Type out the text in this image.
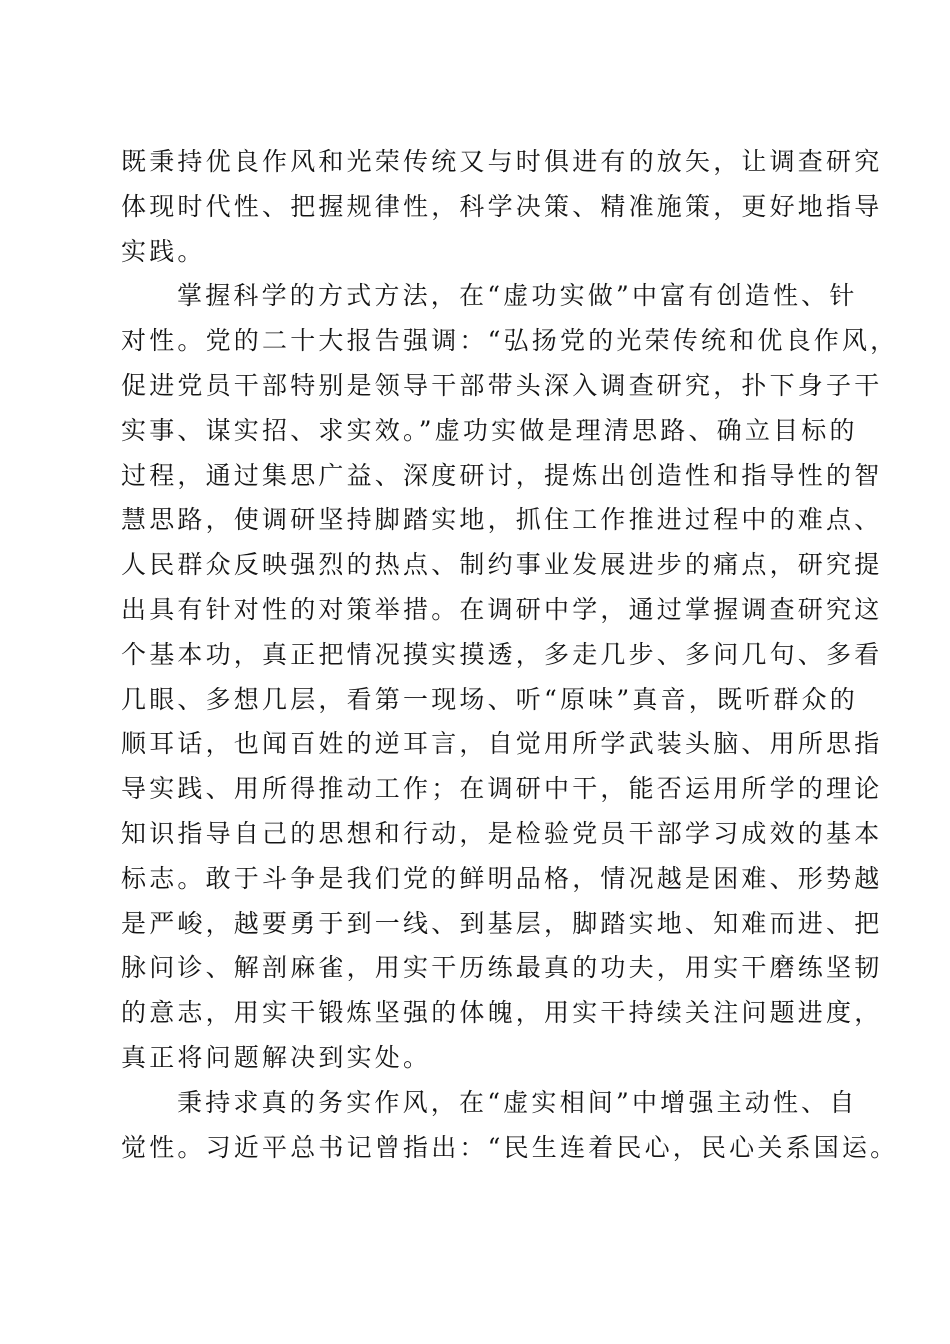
既秉持优良作风和光荣传统又与时俱进有的放矢，让调查研究
体现时代性、把握规律性，科学决策、精准施策，更好地指导
实践。
掌握科学的方式方法，在“虚功实做”中富有创造性、针
对性。党的二十大报告强调：“弘扬党的光荣传统和优良作风，
促进党员干部特别是领导干部带头深入调查研究，扑下身子干
实事、谋实招、求实效。”虚功实做是理清思路、确立目标的
过程，通过集思广益、深度研讨，提炼出创造性和指导性的智
慧思路，使调研坚持脚踏实地，抓住工作推进过程中的难点、
人民群众反映强烈的热点、制约事业发展进步的痛点，研究提
出具有针对性的对策举措。在调研中学，通过掌握调查研究这
个基本功，真正把情况摸实摸透，多走几步、多问几句、多看
几眼、多想几层，看第一现场、听“原味”真音，既听群众的
顺耳话，也闻百姓的逆耳言，自觉用所学武装头脑、用所思指
导实践、用所得推动工作；在调研中干，能否运用所学的理论
知识指导自己的思想和行动，是检验党员干部学习成效的基本
标志。敢于斗争是我们党的鲜明品格，情况越是困难、形势越
是严峻，越要勇于到一线、到基层，脚踏实地、知难而进、把
脉问诊、解剖麻雀，用实干历练最真的功夫，用实干磨练坚韧
的意志，用实干锻炼坚强的体魄，用实干持续关注问题进度，
真正将问题解决到实处。
秉持求真的务实作风，在“虚实相间”中增强主动性、自
觉性。习近平总书记曾指出：“民生连着民心，民心关系国运。
